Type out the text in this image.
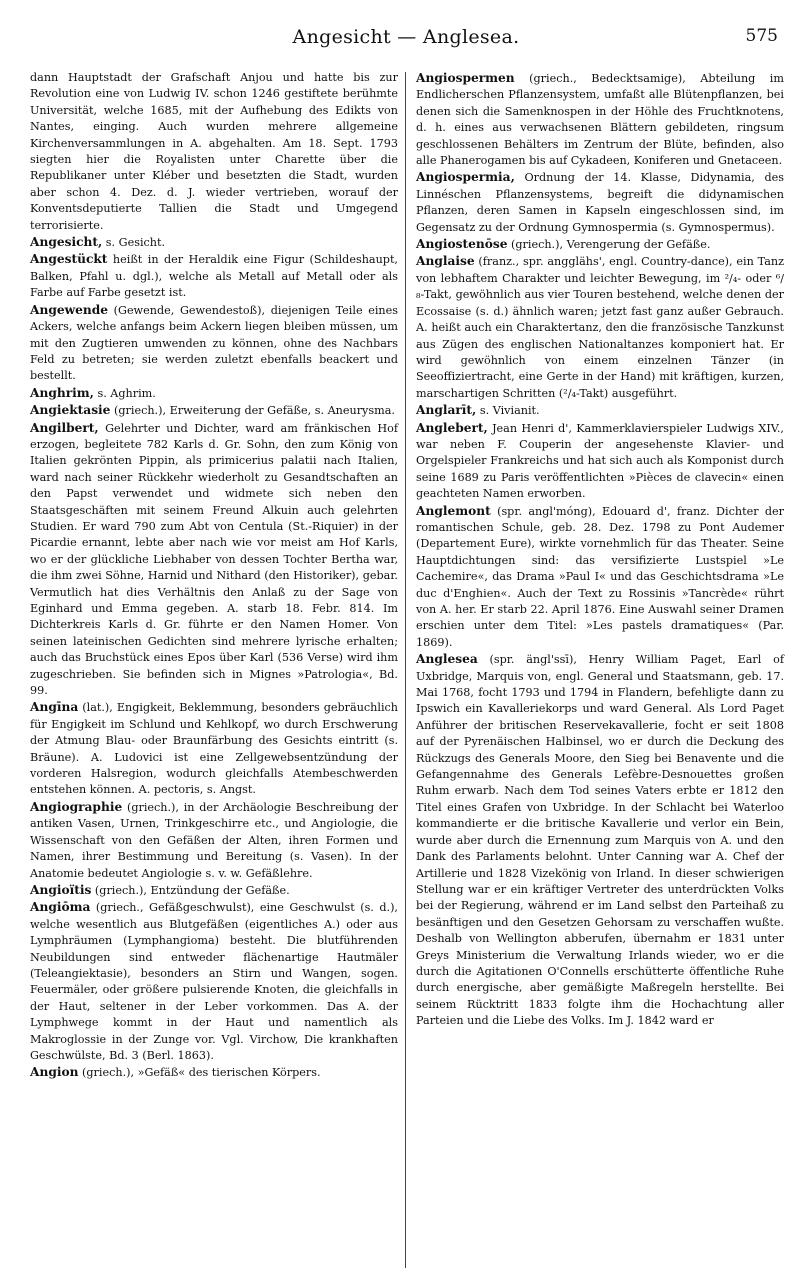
Angesicht — Anglesea.	575

dann Hauptstadt der Grafschaft Anjou und hatte bis zur Revolution eine von Ludwig IV. schon 1246 gestiftete berühmte Universität, welche 1685, mit der Aufhebung des Edikts von Nantes, einging. Auch wurden mehrere allgemeine Kirchenversammlungen in A. abgehalten. Am 18. Sept. 1793 siegten hier die Royalisten unter Charette über die Republikaner unter Kléber und besetzten die Stadt, wurden aber schon 4. Dez. d. J. wieder vertrieben, worauf der Konventsdeputierte Tallien die Stadt und Umgegend terrorisierte.

Angesicht, s. Gesicht.

Angestückt heißt in der Heraldik eine Figur (Schildeshaupt, Balken, Pfahl u. dgl.), welche als Metall auf Metall oder als Farbe auf Farbe gesetzt ist.

Angewende (Gewende, Gewendestoß), diejenigen Teile eines Ackers, welche anfangs beim Ackern liegen bleiben müssen, um mit den Zugtieren umwenden zu können, ohne des Nachbars Feld zu betreten; sie werden zuletzt ebenfalls beackert und bestellt.

Anghrim, s. Aghrim.

Angiektasie (griech.), Erweiterung der Gefäße, s. Aneurysma.

Angilbert, Gelehrter und Dichter, ward am fränkischen Hof erzogen, begleitete 782 Karls d. Gr. Sohn, den zum König von Italien gekrönten Pippin, als primicerius palatii nach Italien, ward nach seiner Rückkehr wiederholt zu Gesandtschaften an den Papst verwendet und widmete sich neben den Staatsgeschäften mit seinem Freund Alkuin auch gelehrten Studien. Er ward 790 zum Abt von Centula (St.-Riquier) in der Picardie ernannt, lebte aber nach wie vor meist am Hof Karls, wo er der glückliche Liebhaber von dessen Tochter Bertha war, die ihm zwei Söhne, Harnid und Nithard (den Historiker), gebar. Vermutlich hat dies Verhältnis den Anlaß zu der Sage von Eginhard und Emma gegeben. A. starb 18. Febr. 814. Im Dichterkreis Karls d. Gr. führte er den Namen Homer. Von seinen lateinischen Gedichten sind mehrere lyrische erhalten; auch das Bruchstück eines Epos über Karl (536 Verse) wird ihm zugeschrieben. Sie befinden sich in Mignes »Patrologia«, Bd. 99.

Angīna (lat.), Engigkeit, Beklemmung, besonders gebräuchlich für Engigkeit im Schlund und Kehlkopf, wo durch Erschwerung der Atmung Blau- oder Braunfärbung des Gesichts eintritt (s. Bräune). A. Ludovici ist eine Zellgewebsentzündung der vorderen Halsregion, wodurch gleichfalls Atembeschwerden entstehen können. A. pectoris, s. Angst.

Angiographie (griech.), in der Archäologie Beschreibung der antiken Vasen, Urnen, Trinkgeschirre etc., und Angiologie, die Wissenschaft von den Gefäßen der Alten, ihren Formen und Namen, ihrer Bestimmung und Bereitung (s. Vasen). In der Anatomie bedeutet Angiologie s. v. w. Gefäßlehre.

Angioïtis (griech.), Entzündung der Gefäße.

Angiōma (griech., Gefäßgeschwulst), eine Geschwulst (s. d.), welche wesentlich aus Blutgefäßen (eigentliches A.) oder aus Lymphräumen (Lymphangioma) besteht. Die blutführenden Neubildungen sind entweder flächenartige Hautmäler (Teleangiektasie), besonders an Stirn und Wangen, sogen. Feuermäler, oder größere pulsierende Knoten, die gleichfalls in der Haut, seltener in der Leber vorkommen. Das A. der Lymphwege kommt in der Haut und namentlich als Makroglossie in der Zunge vor. Vgl. Virchow, Die krankhaften Geschwülste, Bd. 3 (Berl. 1863).

Angion (griech.), »Gefäß« des tierischen Körpers.

Angiospermen (griech., Bedecktsamige), Abteilung im Endlicherschen Pflanzensystem, umfaßt alle Blütenpflanzen, bei denen sich die Samenknospen in der Höhle des Fruchtknotens, d. h. eines aus verwachsenen Blättern gebildeten, ringsum geschlossenen Behälters im Zentrum der Blüte, befinden, also alle Phanerogamen bis auf Cykadeen, Koniferen und Gnetaceen.

Angiospermia, Ordnung der 14. Klasse, Didynamia, des Linnéschen Pflanzensystems, begreift die didynamischen Pflanzen, deren Samen in Kapseln eingeschlossen sind, im Gegensatz zu der Ordnung Gymnospermia (s. Gymnospermus).

Angiostenōse (griech.), Verengerung der Gefäße.

Anglaise (franz., spr. angglähs', engl. Country-dance), ein Tanz von lebhaftem Charakter und leichter Bewegung, im ²/₄- oder ⁶/₈-Takt, gewöhnlich aus vier Touren bestehend, welche denen der Ecossaise (s. d.) ähnlich waren; jetzt fast ganz außer Gebrauch. A. heißt auch ein Charaktertanz, den die französische Tanzkunst aus Zügen des englischen Nationaltanzes komponiert hat. Er wird gewöhnlich von einem einzelnen Tänzer (in Seeoffiziertracht, eine Gerte in der Hand) mit kräftigen, kurzen, marschartigen Schritten (²/₄-Takt) ausgeführt.

Anglarīt, s. Vivianit.

Anglebert, Jean Henri d', Kammerklavierspieler Ludwigs XIV., war neben F. Couperin der angesehenste Klavier- und Orgelspieler Frankreichs und hat sich auch als Komponist durch seine 1689 zu Paris veröffentlichten »Pièces de clavecin« einen geachteten Namen erworben.

Anglemont (spr. angl'móng), Edouard d', franz. Dichter der romantischen Schule, geb. 28. Dez. 1798 zu Pont Audemer (Departement Eure), wirkte vornehmlich für das Theater. Seine Hauptdichtungen sind: das versifizierte Lustspiel »Le Cachemire«, das Drama »Paul I« und das Geschichtsdrama »Le duc d'Enghien«. Auch der Text zu Rossinis »Tancrède« rührt von A. her. Er starb 22. April 1876. Eine Auswahl seiner Dramen erschien unter dem Titel: »Les pastels dramatiques« (Par. 1869).

Anglesea (spr. ängl'ssī), Henry William Paget, Earl of Uxbridge, Marquis von, engl. General und Staatsmann, geb. 17. Mai 1768, focht 1793 und 1794 in Flandern, befehligte dann zu Ipswich ein Kavalleriekorps und ward General. Als Lord Paget Anführer der britischen Reservekavallerie, focht er seit 1808 auf der Pyrenäischen Halbinsel, wo er durch die Deckung des Rückzugs des Generals Moore, den Sieg bei Benavente und die Gefangennahme des Generals Lefèbre-Desnouettes großen Ruhm erwarb. Nach dem Tod seines Vaters erbte er 1812 den Titel eines Grafen von Uxbridge. In der Schlacht bei Waterloo kommandierte er die britische Kavallerie und verlor ein Bein, wurde aber durch die Ernennung zum Marquis von A. und den Dank des Parlaments belohnt. Unter Canning war A. Chef der Artillerie und 1828 Vizekönig von Irland. In dieser schwierigen Stellung war er ein kräftiger Vertreter des unterdrückten Volks bei der Regierung, während er im Land selbst den Parteihaß zu besänftigen und den Gesetzen Gehorsam zu verschaffen wußte. Deshalb von Wellington abberufen, übernahm er 1831 unter Greys Ministerium die Verwaltung Irlands wieder, wo er die durch die Agitationen O'Connells erschütterte öffentliche Ruhe durch energische, aber gemäßigte Maßregeln herstellte. Bei seinem Rücktritt 1833 folgte ihm die Hochachtung aller Parteien und die Liebe des Volks. Im J. 1842 ward er
